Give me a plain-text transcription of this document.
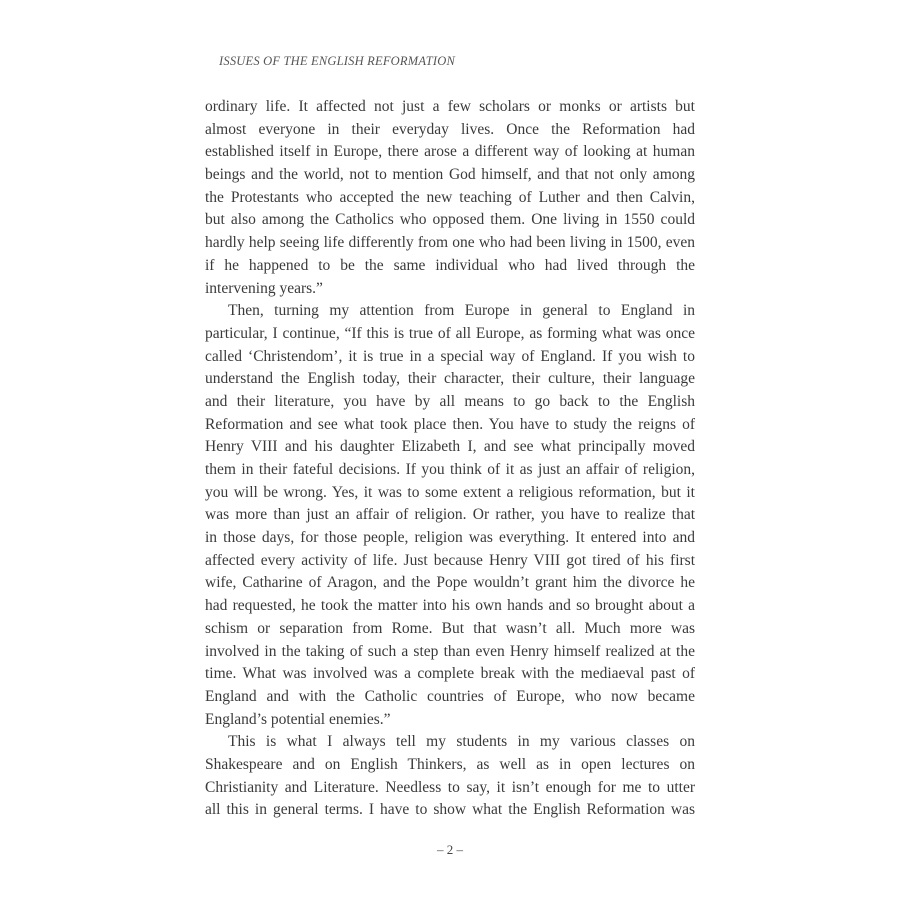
ISSUES OF THE ENGLISH REFORMATION
ordinary life. It affected not just a few scholars or monks or artists but
almost everyone in their everyday lives. Once the Reformation had
established itself in Europe, there arose a different way of looking at human
beings and the world, not to mention God himself, and that not only among
the Protestants who accepted the new teaching of Luther and then Calvin,
but also among the Catholics who opposed them. One living in 1550 could
hardly help seeing life differently from one who had been living in 1500, even
if he happened to be the same individual who had lived through the
intervening years.”
Then, turning my attention from Europe in general to England in
particular, I continue, “If this is true of all Europe, as forming what was once
called ‘Christendom’, it is true in a special way of England. If you wish to
understand the English today, their character, their culture, their language
and their literature, you have by all means to go back to the English
Reformation and see what took place then. You have to study the reigns of
Henry VIII and his daughter Elizabeth I, and see what principally moved
them in their fateful decisions. If you think of it as just an affair of religion,
you will be wrong. Yes, it was to some extent a religious reformation, but it
was more than just an affair of religion. Or rather, you have to realize that
in those days, for those people, religion was everything. It entered into and
affected every activity of life. Just because Henry VIII got tired of his first
wife, Catharine of Aragon, and the Pope wouldn’t grant him the divorce he
had requested, he took the matter into his own hands and so brought about a
schism or separation from Rome. But that wasn’t all. Much more was
involved in the taking of such a step than even Henry himself realized at the
time. What was involved was a complete break with the mediaeval past of
England and with the Catholic countries of Europe, who now became
England’s potential enemies.”
This is what I always tell my students in my various classes on
Shakespeare and on English Thinkers, as well as in open lectures on
Christianity and Literature. Needless to say, it isn’t enough for me to utter
all this in general terms. I have to show what the English Reformation was
– 2 –
